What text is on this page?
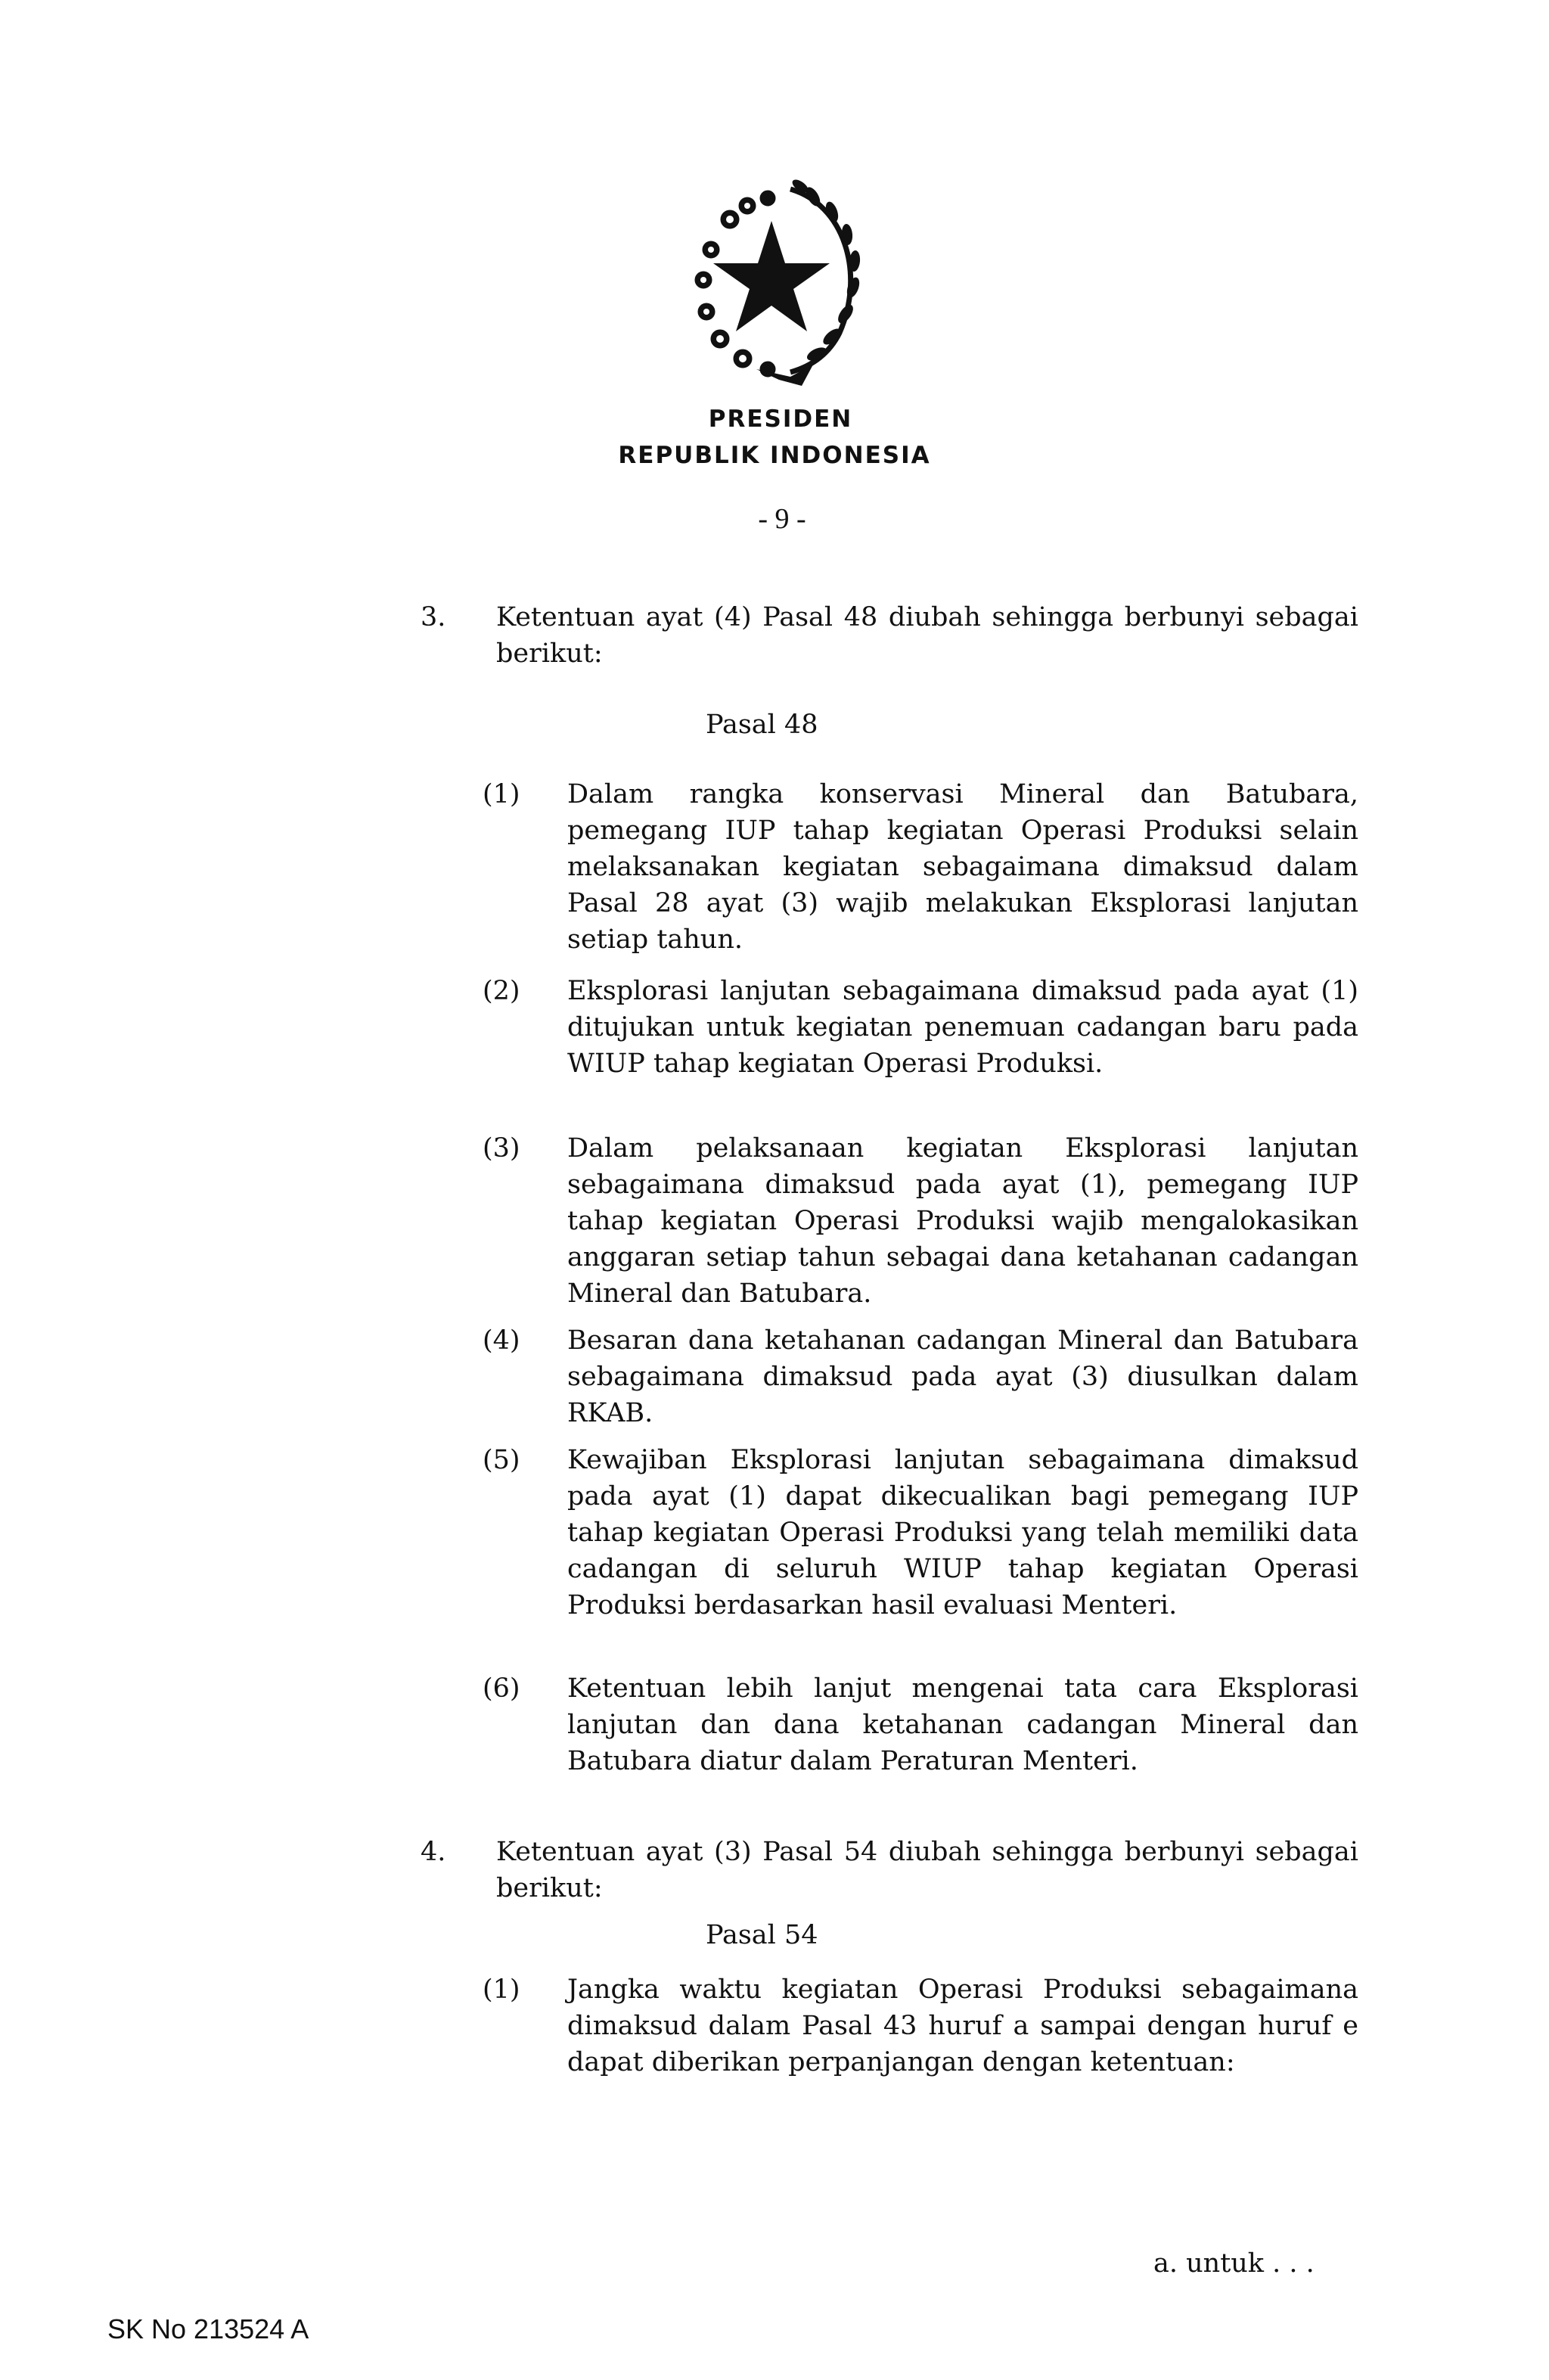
PRESIDEN
REPUBLIK INDONESIA
- 9 -
3. Ketentuan ayat (4) Pasal 48 diubah sehingga berbunyi sebagai berikut:
Pasal 48
(1) Dalam rangka konservasi Mineral dan Batubara, pemegang IUP tahap kegiatan Operasi Produksi selain melaksanakan kegiatan sebagaimana dimaksud dalam Pasal 28 ayat (3) wajib melakukan Eksplorasi lanjutan setiap tahun.
(2) Eksplorasi lanjutan sebagaimana dimaksud pada ayat (1) ditujukan untuk kegiatan penemuan cadangan baru pada WIUP tahap kegiatan Operasi Produksi.
(3) Dalam pelaksanaan kegiatan Eksplorasi lanjutan sebagaimana dimaksud pada ayat (1), pemegang IUP tahap kegiatan Operasi Produksi wajib mengalokasikan anggaran setiap tahun sebagai dana ketahanan cadangan Mineral dan Batubara.
(4) Besaran dana ketahanan cadangan Mineral dan Batubara sebagaimana dimaksud pada ayat (3) diusulkan dalam RKAB.
(5) Kewajiban Eksplorasi lanjutan sebagaimana dimaksud pada ayat (1) dapat dikecualikan bagi pemegang IUP tahap kegiatan Operasi Produksi yang telah memiliki data cadangan di seluruh WIUP tahap kegiatan Operasi Produksi berdasarkan hasil evaluasi Menteri.
(6) Ketentuan lebih lanjut mengenai tata cara Eksplorasi lanjutan dan dana ketahanan cadangan Mineral dan Batubara diatur dalam Peraturan Menteri.
4. Ketentuan ayat (3) Pasal 54 diubah sehingga berbunyi sebagai berikut:
Pasal 54
(1) Jangka waktu kegiatan Operasi Produksi sebagaimana dimaksud dalam Pasal 43 huruf a sampai dengan huruf e dapat diberikan perpanjangan dengan ketentuan:
a. untuk . . .
SK No 213524 A
